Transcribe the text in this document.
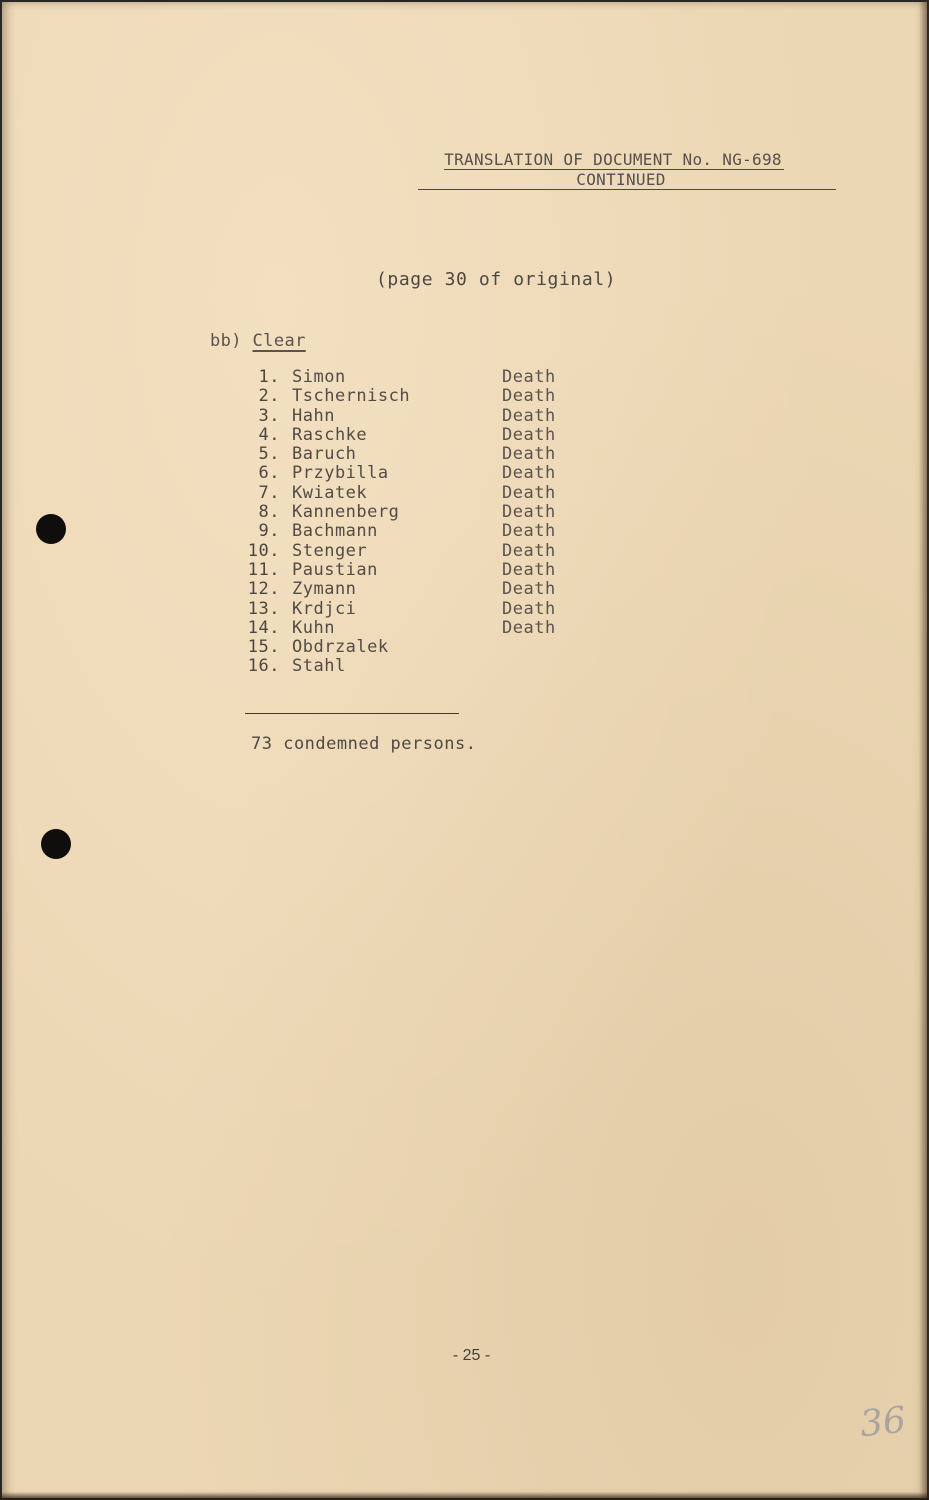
TRANSLATION OF DOCUMENT No. NG-698
CONTINUED
(page 30 of original)
bb) Clear
1. Simon	Death
2. Tschernisch	Death
3. Hahn	Death
4. Raschke	Death
5. Baruch	Death
6. Przybilla	Death
7. Kwiatek	Death
8. Kannenberg	Death
9. Bachmann	Death
10. Stenger	Death
11. Paustian	Death
12. Zymann	Death
13. Krdjci	Death
14. Kuhn	Death
15. Obdrzalek
16. Stahl
73 condemned persons.
- 25 -
36
